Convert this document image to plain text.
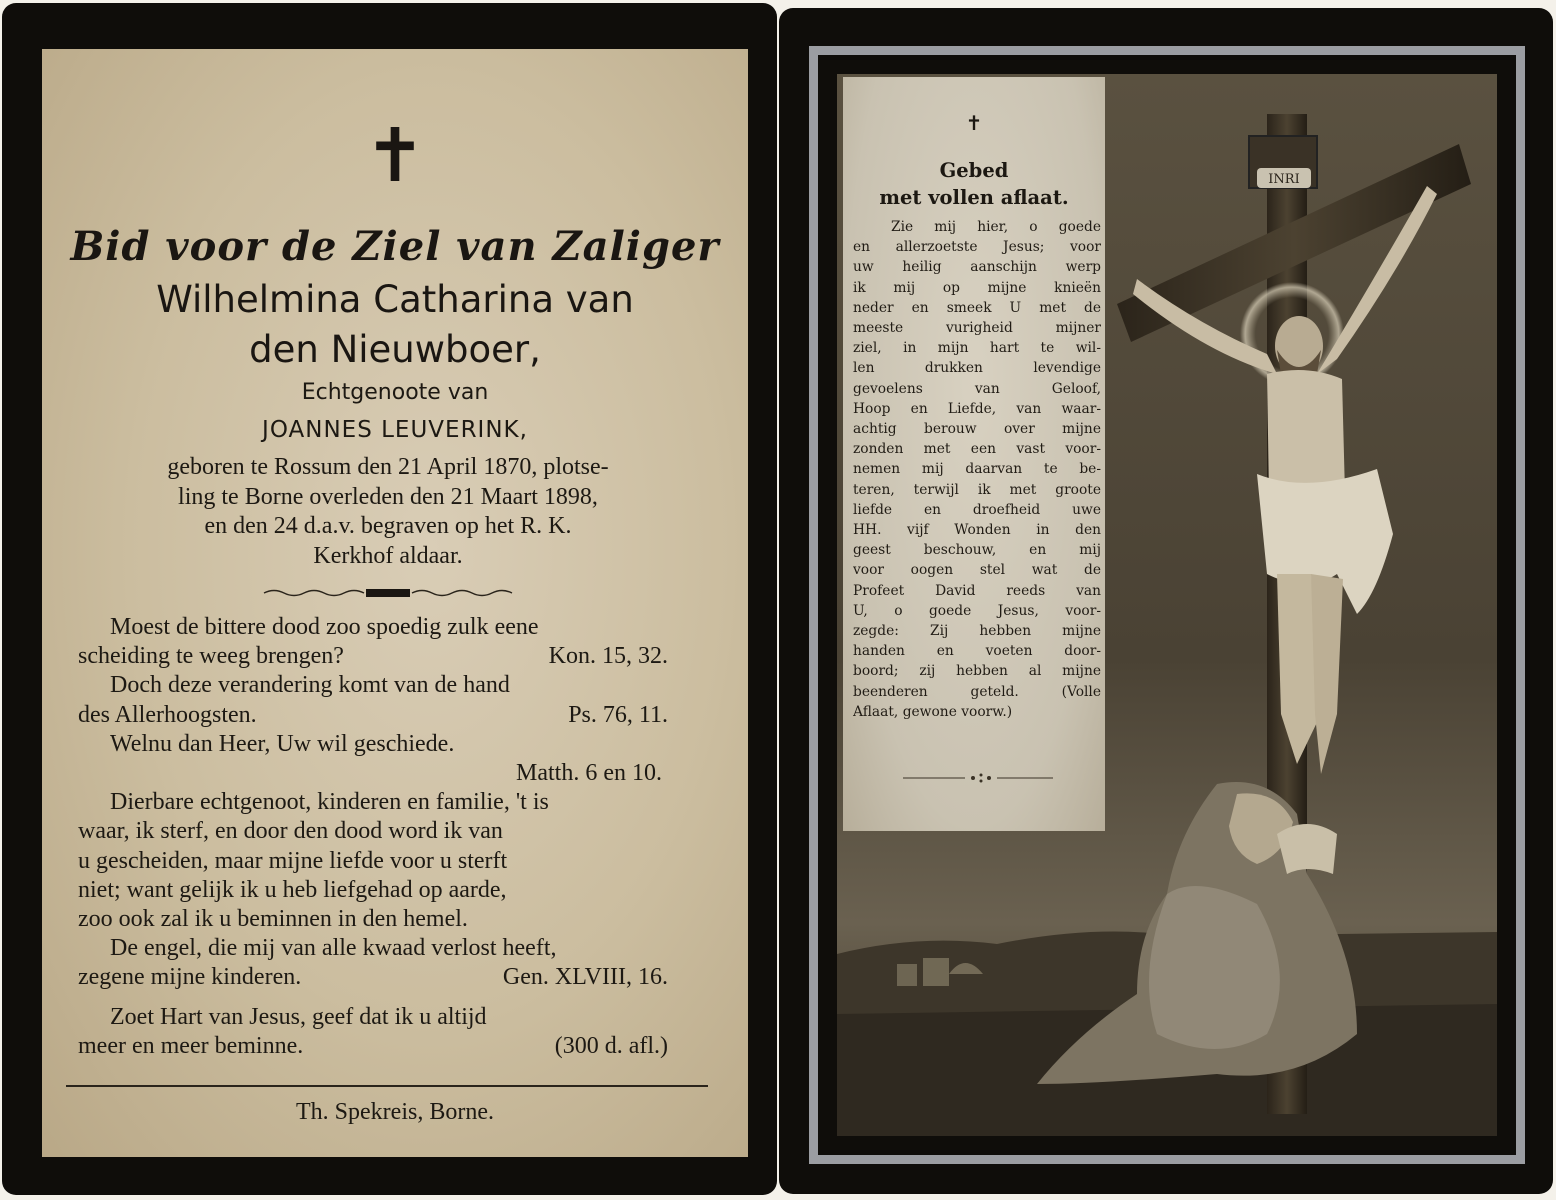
✝
Bid voor de Ziel van Zaliger
Wilhelmina Catharina van
den Nieuwboer,
Echtgenoote van
JOANNES LEUVERINK,
geboren te Rossum den 21 April 1870, plotse-
ling te Borne overleden den 21 Maart 1898,
en den 24 d.a.v. begraven op het R. K.
Kerkhof aldaar.
Moest de bittere dood zoo spoedig zulk eene
scheiding te weeg brengen?	Kon. 15, 32.
Doch deze verandering komt van de hand
des Allerhoogsten.	Ps. 76, 11.
Welnu dan Heer, Uw wil geschiede.
Matth. 6 en 10.
Dierbare echtgenoot, kinderen en familie, 't is
waar, ik sterf, en door den dood word ik van
u gescheiden, maar mijne liefde voor u sterft
niet; want gelijk ik u heb liefgehad op aarde,
zoo ook zal ik u beminnen in den hemel.
De engel, die mij van alle kwaad verlost heeft,
zegene mijne kinderen.	Gen. XLVIII, 16.
Zoet Hart van Jesus, geef dat ik u altijd
meer en meer beminne.	(300 d. afl.)
Th. Spekreis, Borne.
INRI
✝
Gebed
met vollen aflaat.
Zie mij hier, o goede
en allerzoetste Jesus; voor
uw heilig aanschijn werp
ik mij op mijne knieën
neder en smeek U met de
meeste vurigheid mijner
ziel, in mijn hart te wil-
len drukken levendige
gevoelens van Geloof,
Hoop en Liefde, van waar-
achtig berouw over mijne
zonden met een vast voor-
nemen mij daarvan te be-
teren, terwijl ik met groote
liefde en droefheid uwe
HH. vijf Wonden in den
geest beschouw, en mij
voor oogen stel wat de
Profeet David reeds van
U, o goede Jesus, voor-
zegde: Zij hebben mijne
handen en voeten door-
boord; zij hebben al mijne
beenderen geteld. (Volle
Aflaat, gewone voorw.)
